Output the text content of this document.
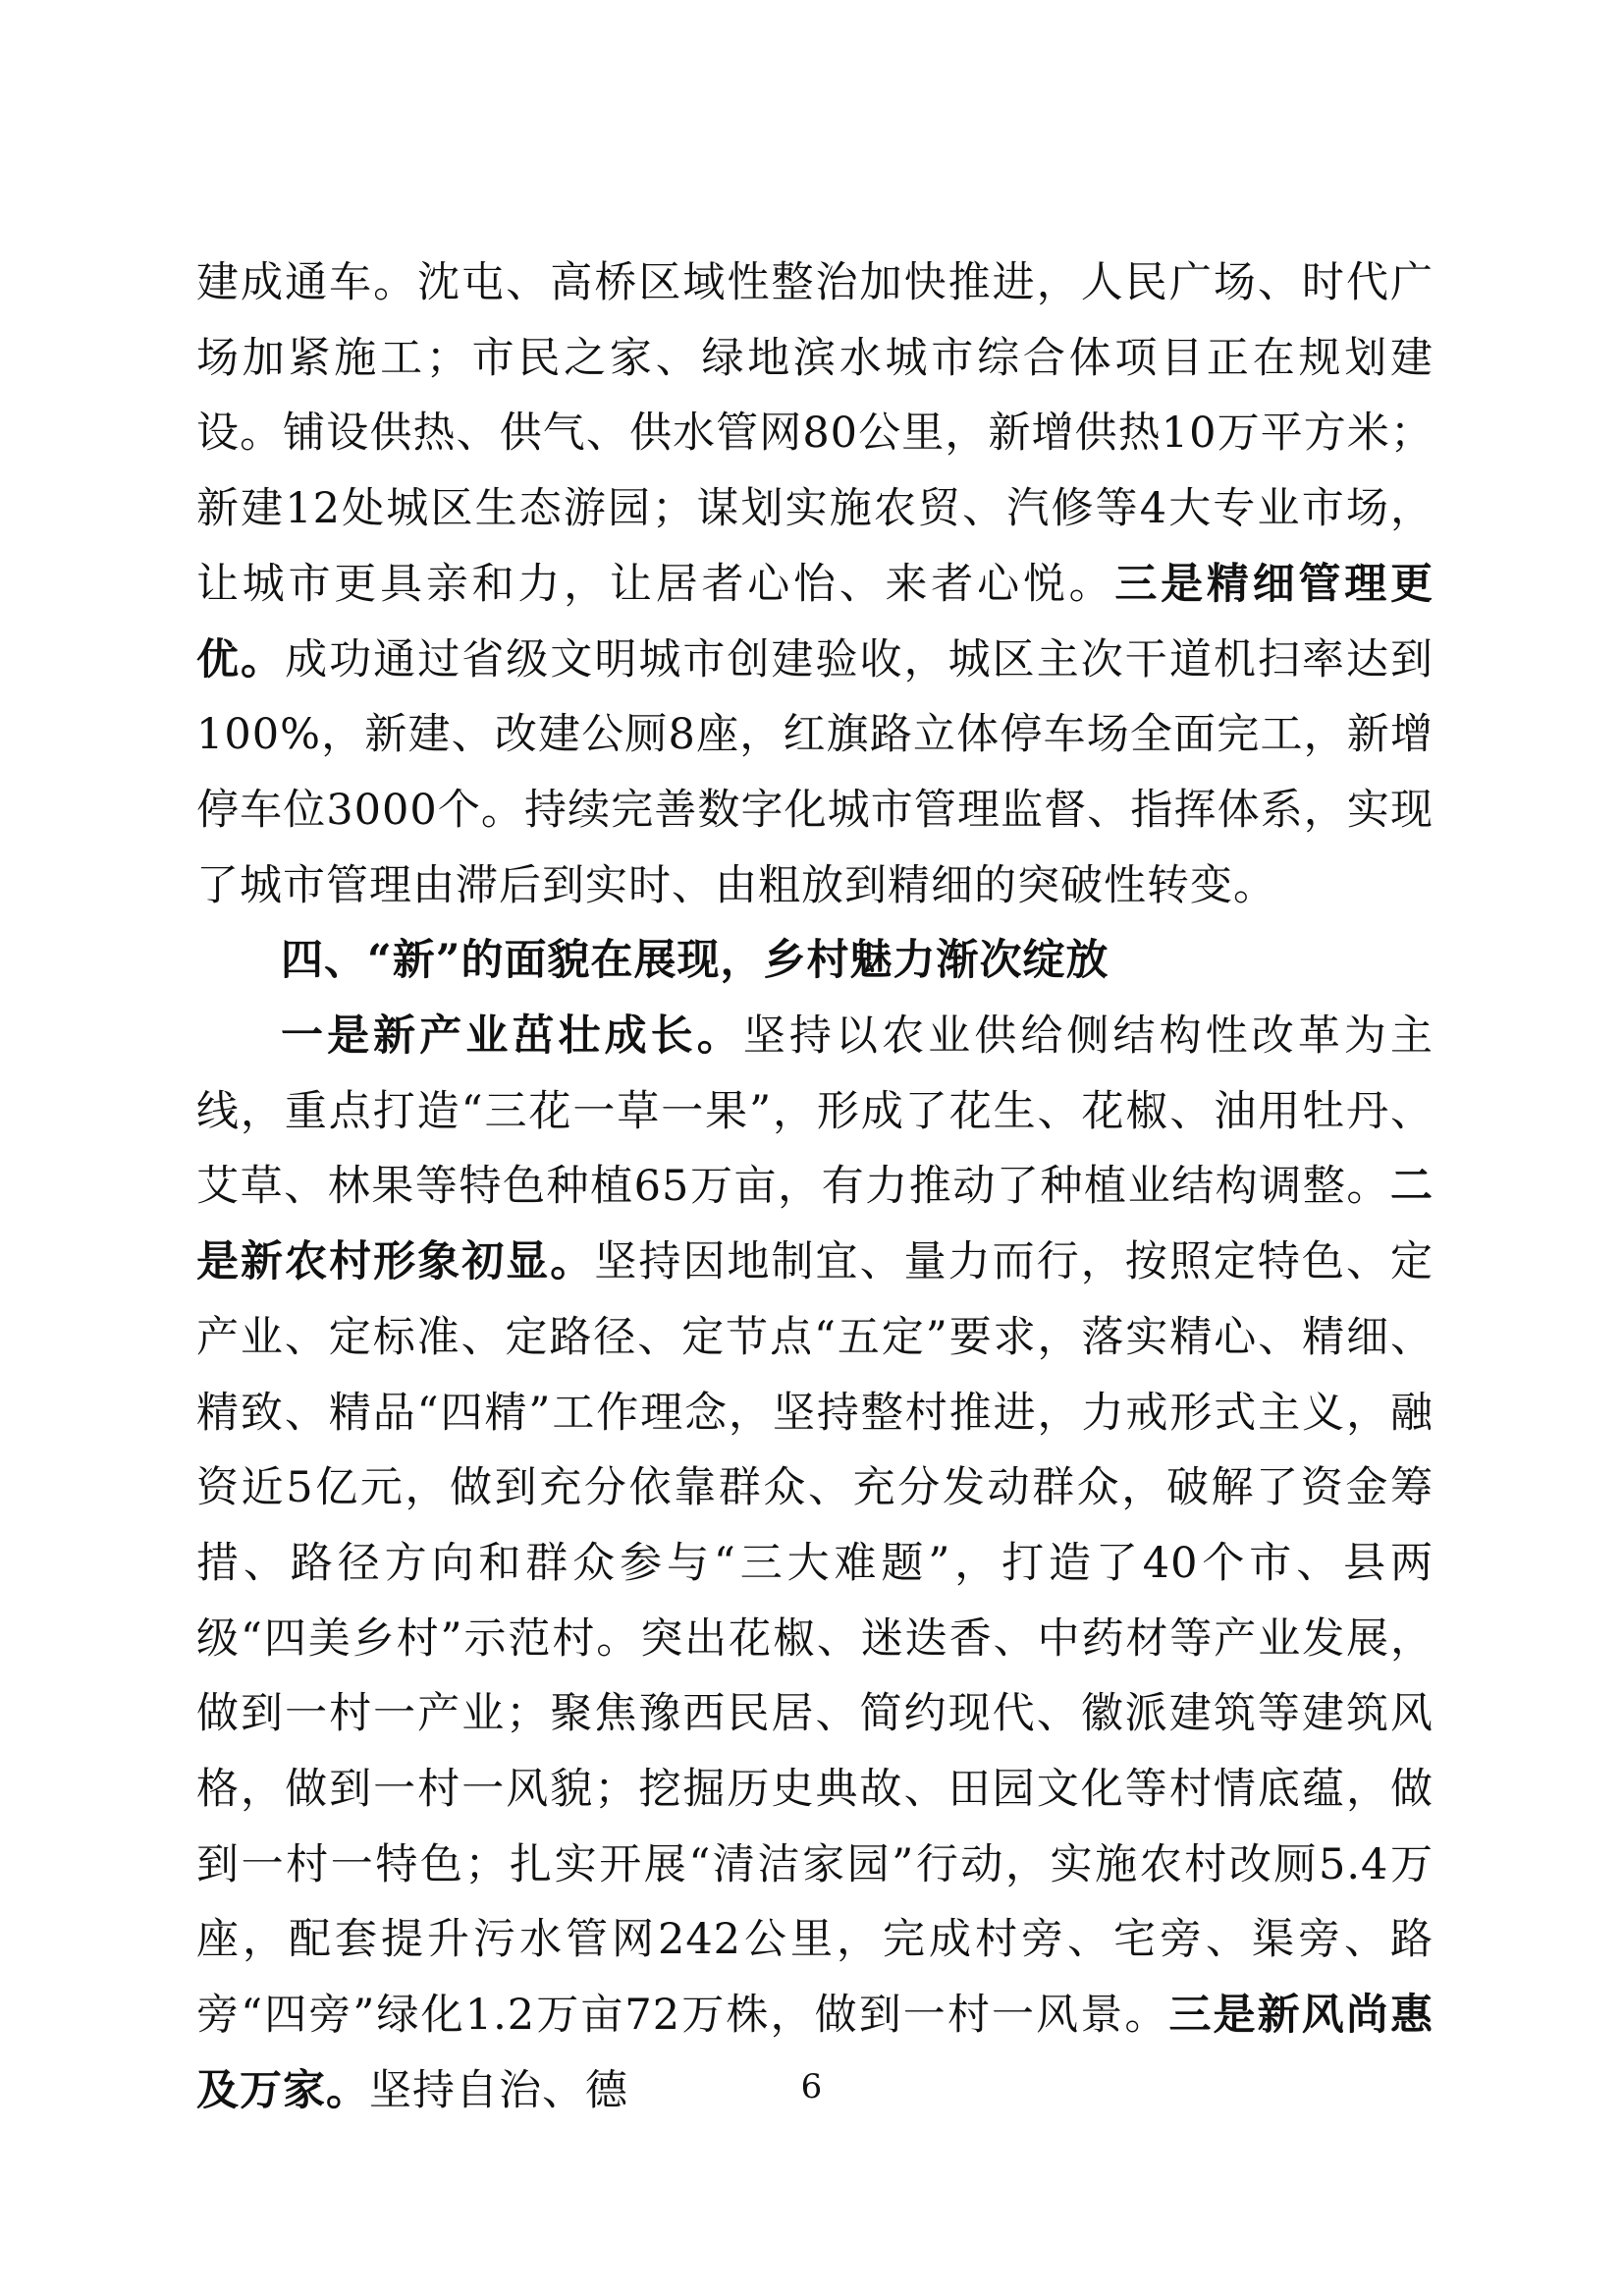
建成通车。沈屯、高桥区域性整治加快推进，人民广场、时代广场加紧施工；市民之家、绿地滨水城市综合体项目正在规划建设。铺设供热、供气、供水管网80公里，新增供热10万平方米；新建12处城区生态游园；谋划实施农贸、汽修等4大专业市场，让城市更具亲和力，让居者心怡、来者心悦。三是精细管理更优。成功通过省级文明城市创建验收，城区主次干道机扫率达到100%，新建、改建公厕8座，红旗路立体停车场全面完工，新增停车位3000个。持续完善数字化城市管理监督、指挥体系，实现了城市管理由滞后到实时、由粗放到精细的突破性转变。

四、“新”的面貌在展现，乡村魅力渐次绽放

一是新产业茁壮成长。坚持以农业供给侧结构性改革为主线，重点打造“三花一草一果”，形成了花生、花椒、油用牡丹、艾草、林果等特色种植65万亩，有力推动了种植业结构调整。二是新农村形象初显。坚持因地制宜、量力而行，按照定特色、定产业、定标准、定路径、定节点“五定”要求，落实精心、精细、精致、精品“四精”工作理念，坚持整村推进，力戒形式主义，融资近5亿元，做到充分依靠群众、充分发动群众，破解了资金筹措、路径方向和群众参与“三大难题”，打造了40个市、县两级“四美乡村”示范村。突出花椒、迷迭香、中药材等产业发展，做到一村一产业；聚焦豫西民居、简约现代、徽派建筑等建筑风格，做到一村一风貌；挖掘历史典故、田园文化等村情底蕴，做到一村一特色；扎实开展“清洁家园”行动，实施农村改厕5.4万座，配套提升污水管网242公里，完成村旁、宅旁、渠旁、路旁“四旁”绿化1.2万亩72万株，做到一村一风景。三是新风尚惠及万家。坚持自治、德	6
